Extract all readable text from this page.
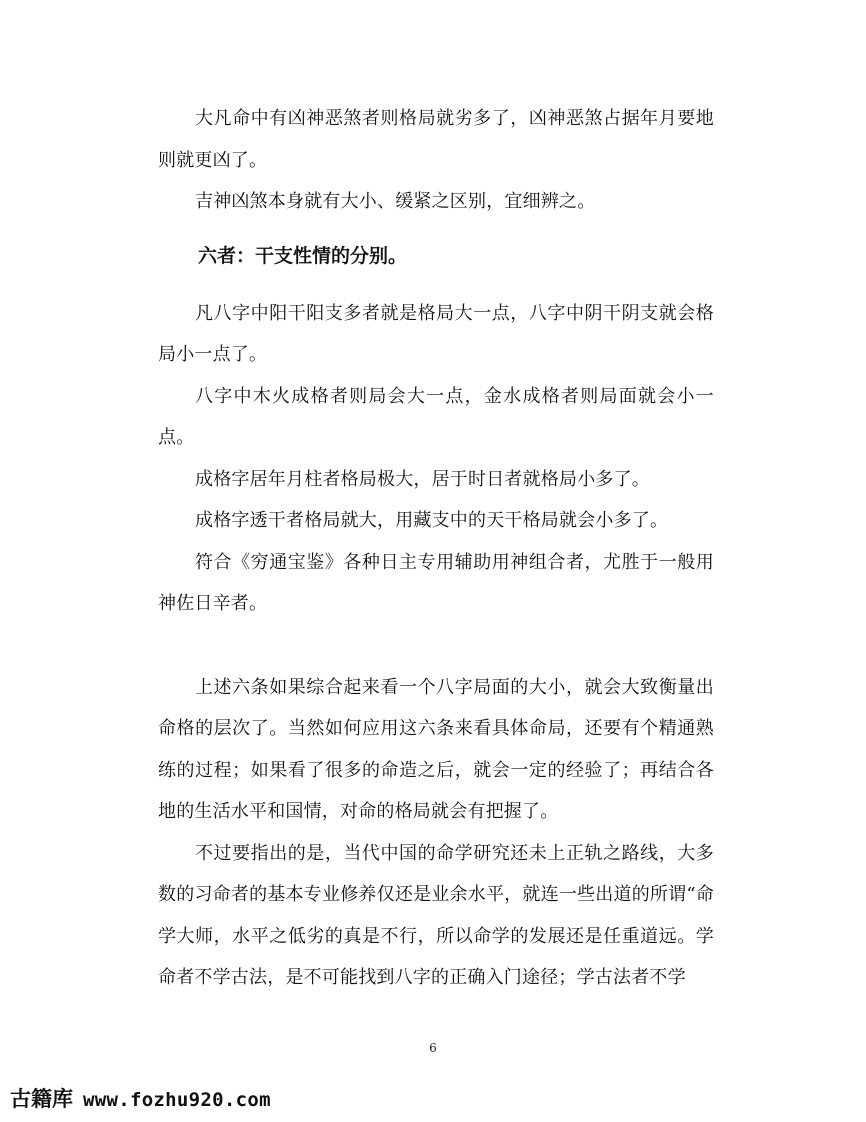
大凡命中有凶神恶煞者则格局就劣多了，凶神恶煞占据年月要地则就更凶了。

吉神凶煞本身就有大小、缓紧之区别，宜细辨之。

六者：干支性情的分别。

凡八字中阳干阳支多者就是格局大一点，八字中阴干阴支就会格局小一点了。

八字中木火成格者则局会大一点，金水成格者则局面就会小一点。

成格字居年月柱者格局极大，居于时日者就格局小多了。

成格字透干者格局就大，用藏支中的天干格局就会小多了。

符合《穷通宝鉴》各种日主专用辅助用神组合者，尤胜于一般用神佐日辛者。

上述六条如果综合起来看一个八字局面的大小，就会大致衡量出命格的层次了。当然如何应用这六条来看具体命局，还要有个精通熟练的过程；如果看了很多的命造之后，就会一定的经验了；再结合各地的生活水平和国情，对命的格局就会有把握了。

不过要指出的是，当代中国的命学研究还未上正轨之路线，大多数的习命者的基本专业修养仅还是业余水平，就连一些出道的所谓“命学大师，水平之低劣的真是不行，所以命学的发展还是任重道远。学命者不学古法，是不可能找到八字的正确入门途径；学古法者不学

6
古籍库 www.fozhu920.com
